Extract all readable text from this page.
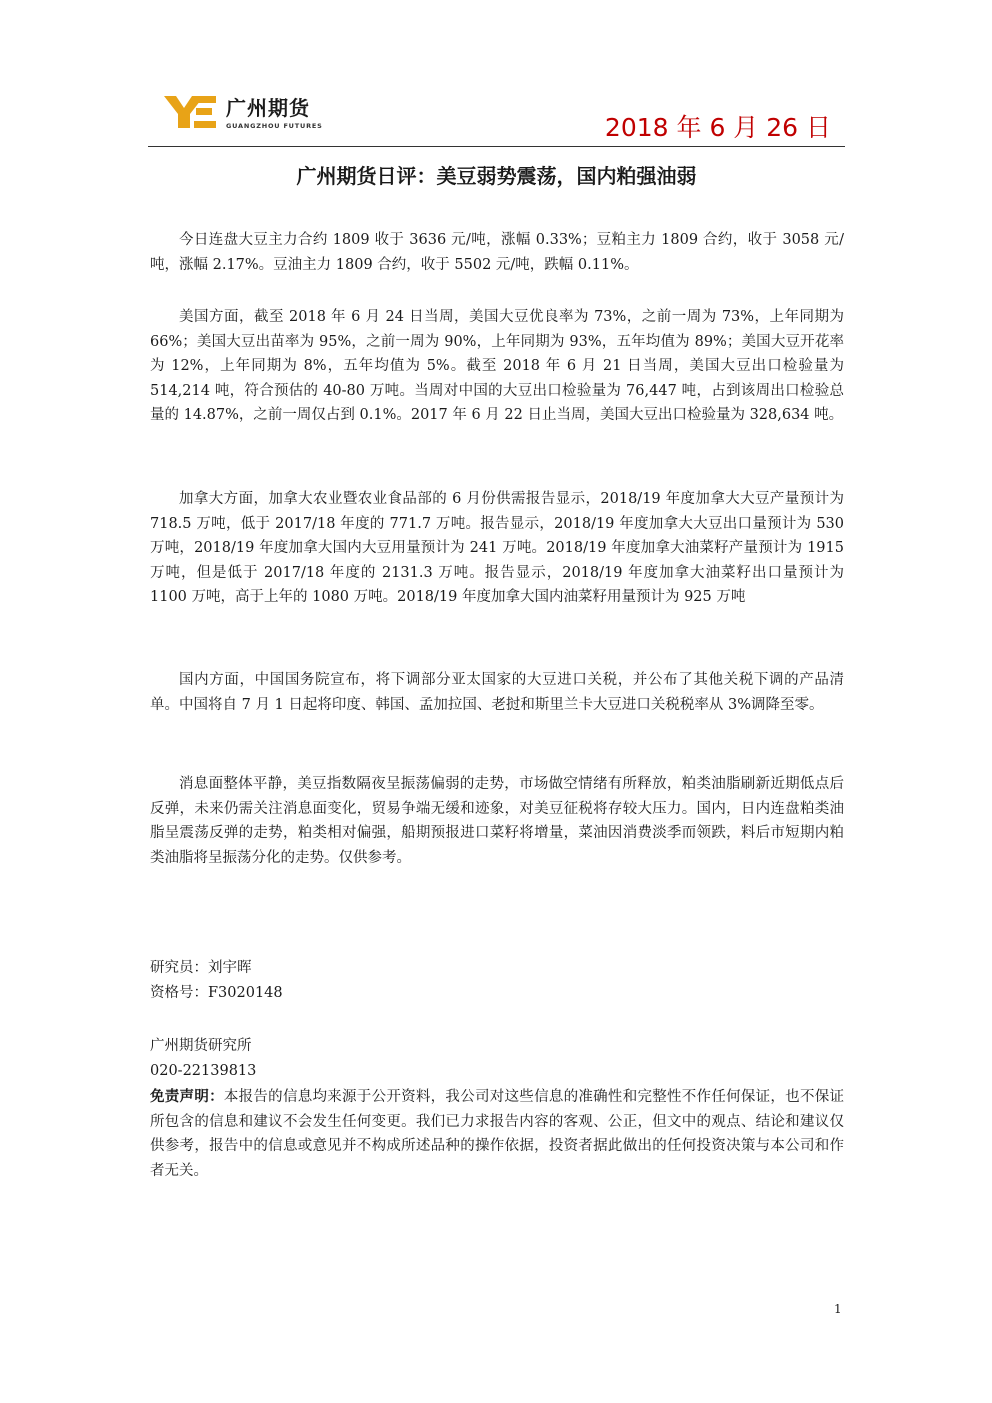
广州期货
GUANGZHOU FUTURES	2018 年 6 月 26 日
广州期货日评：美豆弱势震荡，国内粕强油弱

今日连盘大豆主力合约 1809 收于 3636 元/吨，涨幅 0.33%；豆粕主力 1809 合约，收于 3058 元/吨，涨幅 2.17%。豆油主力 1809 合约，收于 5502 元/吨，跌幅 0.11%。

美国方面，截至 2018 年 6 月 24 日当周，美国大豆优良率为 73%，之前一周为 73%，上年同期为 66%；美国大豆出苗率为 95%，之前一周为 90%，上年同期为 93%，五年均值为 89%；美国大豆开花率为 12%，上年同期为 8%，五年均值为 5%。截至 2018 年 6 月 21 日当周，美国大豆出口检验量为 514,214 吨，符合预估的 40-80 万吨。当周对中国的大豆出口检验量为 76,447 吨，占到该周出口检验总量的 14.87%，之前一周仅占到 0.1%。2017 年 6 月 22 日止当周，美国大豆出口检验量为 328,634 吨。

加拿大方面，加拿大农业暨农业食品部的 6 月份供需报告显示，2018/19 年度加拿大大豆产量预计为 718.5 万吨，低于 2017/18 年度的 771.7 万吨。报告显示，2018/19 年度加拿大大豆出口量预计为 530 万吨，2018/19 年度加拿大国内大豆用量预计为 241 万吨。2018/19 年度加拿大油菜籽产量预计为 1915 万吨，但是低于 2017/18 年度的 2131.3 万吨。报告显示，2018/19 年度加拿大油菜籽出口量预计为 1100 万吨，高于上年的 1080 万吨。2018/19 年度加拿大国内油菜籽用量预计为 925 万吨

国内方面，中国国务院宣布，将下调部分亚太国家的大豆进口关税，并公布了其他关税下调的产品清单。中国将自 7 月 1 日起将印度、韩国、孟加拉国、老挝和斯里兰卡大豆进口关税税率从 3%调降至零。

消息面整体平静，美豆指数隔夜呈振荡偏弱的走势，市场做空情绪有所释放，粕类油脂刷新近期低点后反弹，未来仍需关注消息面变化，贸易争端无缓和迹象，对美豆征税将存较大压力。国内，日内连盘粕类油脂呈震荡反弹的走势，粕类相对偏强，船期预报进口菜籽将增量，菜油因消费淡季而领跌，料后市短期内粕类油脂将呈振荡分化的走势。仅供参考。

研究员：刘宇晖
资格号：F3020148
广州期货研究所
020-22139813

免责声明：本报告的信息均来源于公开资料，我公司对这些信息的准确性和完整性不作任何保证，也不保证所包含的信息和建议不会发生任何变更。我们已力求报告内容的客观、公正，但文中的观点、结论和建议仅供参考，报告中的信息或意见并不构成所述品种的操作依据，投资者据此做出的任何投资决策与本公司和作者无关。

1
